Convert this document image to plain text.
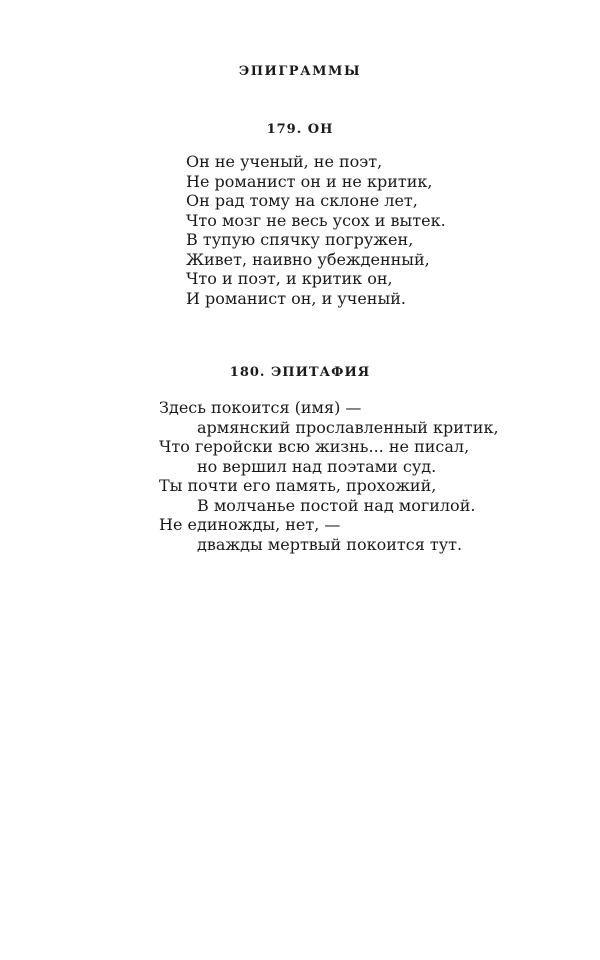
ЭПИГРАММЫ
179. ОН
Он не ученый, не поэт,
Не романист он и не критик,
Он рад тому на склоне лет,
Что мозг не весь усох и вытек.
В тупую спячку погружен,
Живет, наивно убежденный,
Что и поэт, и критик он,
И романист он, и ученый.
180. ЭПИТАФИЯ
Здесь покоится (имя) —
армянский прославленный критик,
Что геройски всю жизнь... не писал,
но вершил над поэтами суд.
Ты почти его память, прохожий,
В молчанье постой над могилой.
Не единожды, нет, —
дважды мертвый покоится тут.
